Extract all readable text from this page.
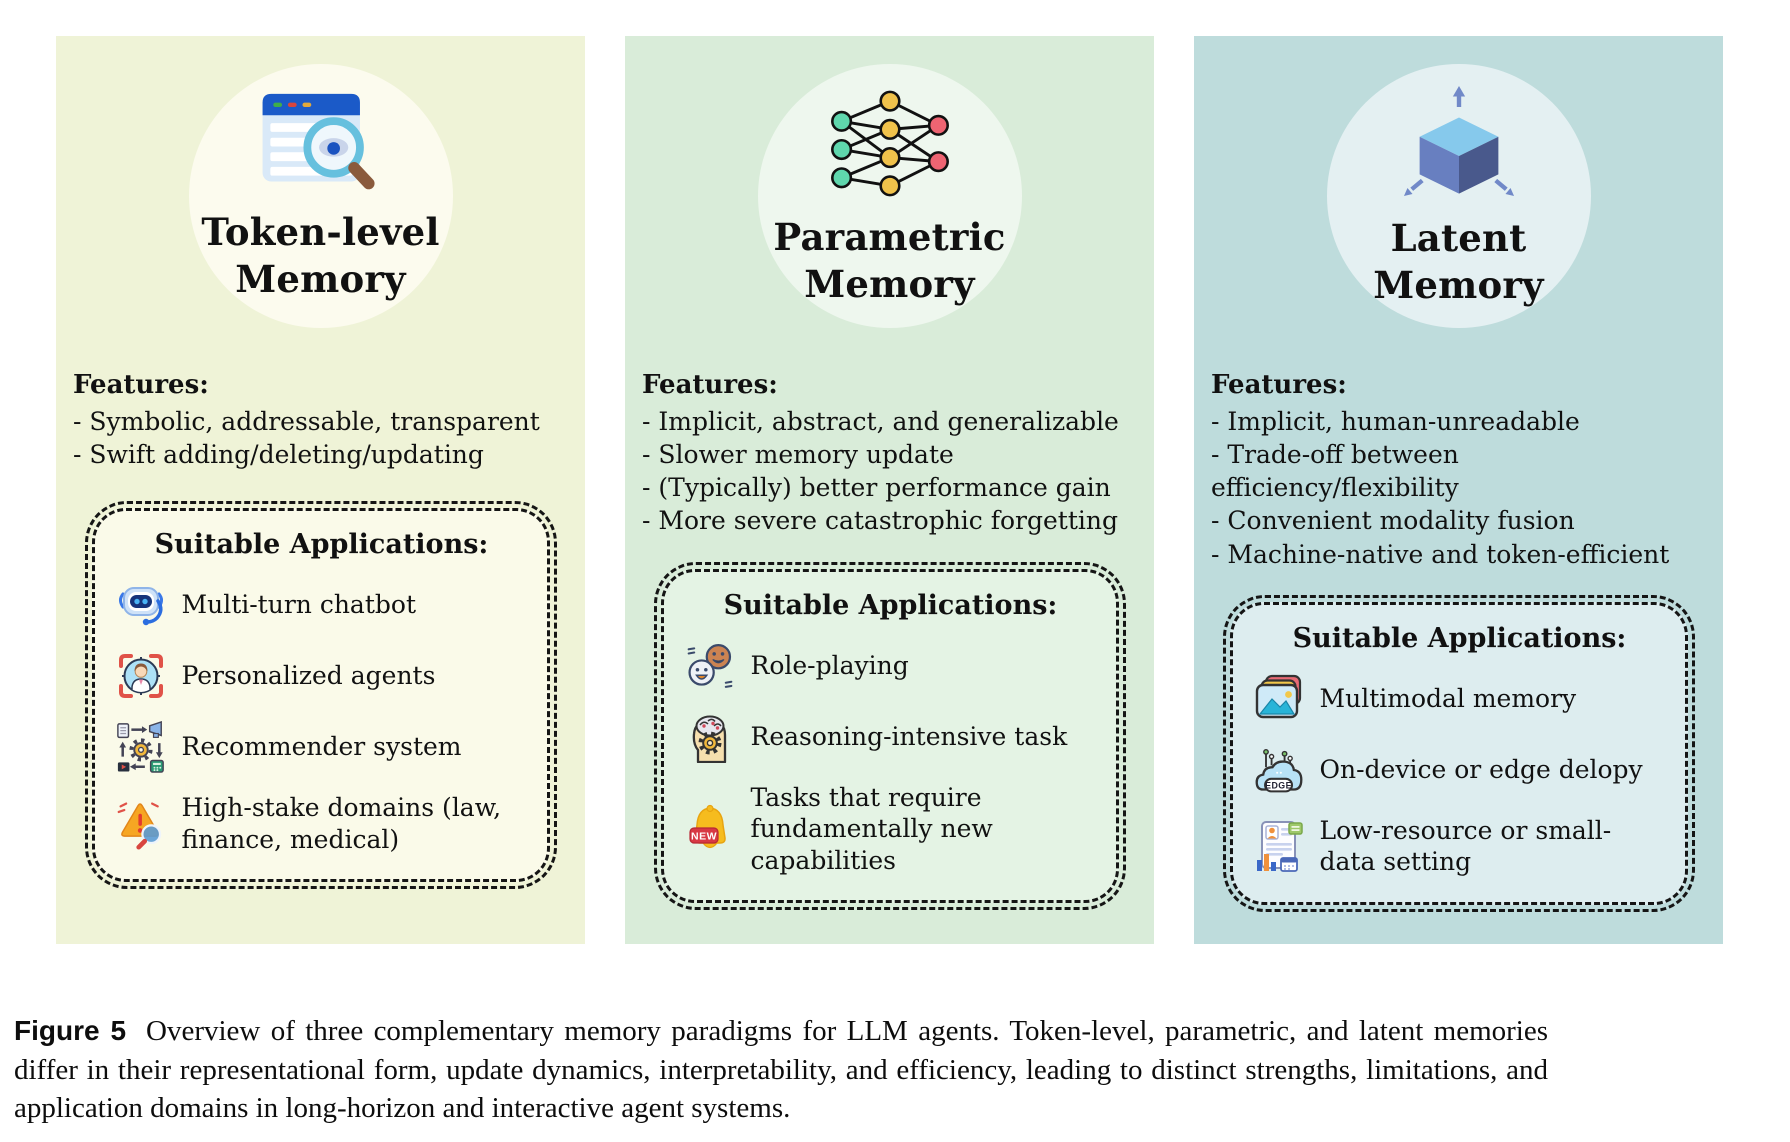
Token-level
Memory
Features:
- Symbolic, addressable, transparent
- Swift adding/deleting/updating
Suitable Applications:
Multi-turn chatbot
Personalized agents
Recommender system
High-stake domains (law, finance, medical)
Parametric
Memory
Features:
- Implicit, abstract, and generalizable
- Slower memory update
- (Typically) better performance gain
- More severe catastrophic forgetting
Suitable Applications:
Role-playing
Reasoning-intensive task
NEW
Tasks that require fundamentally new capabilities
Latent
Memory
Features:
- Implicit, human-unreadable
- Trade-off between efficiency/flexibility
- Convenient modality fusion
- Machine-native and token-efficient
Suitable Applications:
Multimodal memory
EDGE
On-device or edge delopy
Low-resource or small-data setting
Figure 5 Overview of three complementary memory paradigms for LLM agents. Token-level, parametric, and latent memories differ in their representational form, update dynamics, interpretability, and efficiency, leading to distinct strengths, limitations, and application domains in long-horizon and interactive agent systems.
